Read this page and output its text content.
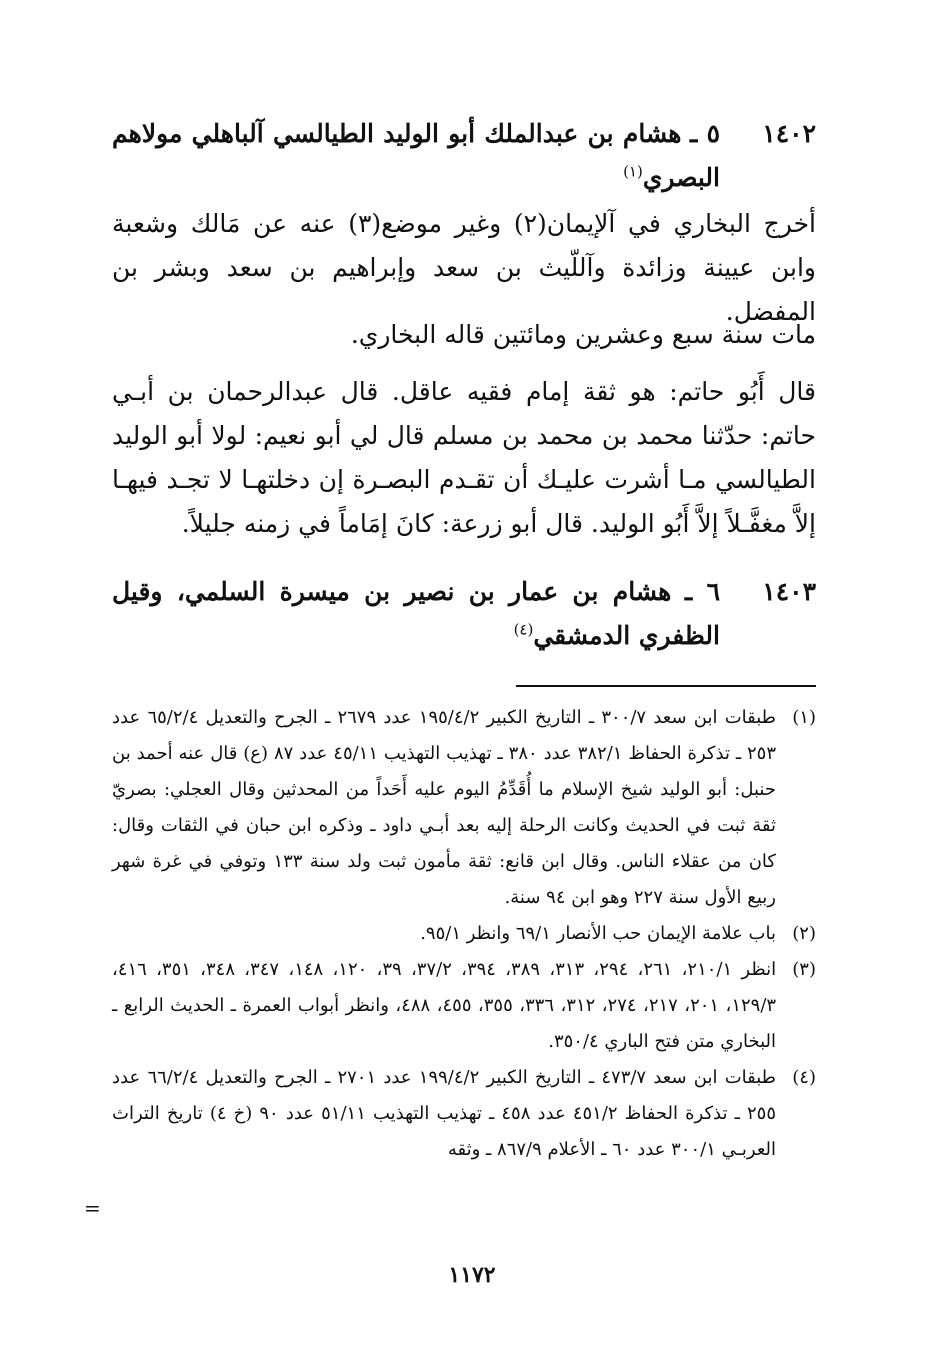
١٤٠٢
٥ ـ هشام بن عبدالملك أبو الوليد الطيالسي آلباهلي مولاهم البصري$^{(١)}$

أخرج البخاري في آلإيمان(٢) وغير موضع(٣) عنه عن مَالك وشعبة وابن عيينة وزائدة وآللّيث بن سعد وإبراهيم بن سعد وبشر بن المفضل.

مات سنة سبع وعشرين ومائتين قاله البخاري.

قال أَبُو حاتم: هو ثقة إمام فقيه عاقل. قال عبدالرحمان بن أبـي حاتم: حدّثنا محمد بن محمد بن مسلم قال لي أبو نعيم: لولا أبو الوليد الطيالسي مـا أشرت عليـك أن تقـدم البصـرة إن دخلتهـا لا تجـد فيهـا إلاَّ مغفَّـلاً إلاَّ أَبُو الوليد. قال أبو زرعة: كانَ إمَاماً في زمنه جليلاً.

١٤٠٣
٦ ـ هشام بن عمار بن نصير بن ميسرة السلمي، وقيل الظفري الدمشقي$^{(٤)}$

(١)
طبقات ابن سعد ٣٠٠/٧ ـ التاريخ الكبير ١٩٥/٤/٢ عدد ٢٦٧٩ ـ الجرح والتعديل ٦٥/٢/٤ عدد ٢٥٣ ـ تذكرة الحفاظ ٣٨٢/١ عدد ٣٨٠ ـ تهذيب التهذيب ٤٥/١١ عدد ٨٧ (ع) قال عنه أحمد بن حنبل: أبو الوليد شيخ الإسلام ما أُقَدِّمُ اليوم عليه أَحَداً من المحدثين وقال العجلي: بصريّ ثقة ثبت في الحديث وكانت الرحلة إليه بعد أبـي داود ـ وذكره ابن حبان في الثقات وقال: كان من عقلاء الناس. وقال ابن قانع: ثقة مأمون ثبت ولد سنة ١٣٣ وتوفي في غرة شهر ربيع الأول سنة ٢٢٧ وهو ابن ٩٤ سنة.

(٢)
باب علامة الإيمان حب الأنصار ٦٩/١ وانظر ٩٥/١.

(٣)
انظر ٢١٠/١، ٢٦١، ٢٩٤، ٣١٣، ٣٨٩، ٣٩٤، ٣٧/٢، ٣٩، ١٢٠، ١٤٨، ٣٤٧، ٣٤٨، ٣٥١، ٤١٦، ١٢٩/٣، ٢٠١، ٢١٧، ٢٧٤، ٣١٢، ٣٣٦، ٣٥٥، ٤٥٥، ٤٨٨، وانظر أبواب العمرة ـ الحديث الرابع ـ البخاري متن فتح الباري ٣٥٠/٤.

(٤)
طبقات ابن سعد ٤٧٣/٧ ـ التاريخ الكبير ١٩٩/٤/٢ عدد ٢٧٠١ ـ الجرح والتعديل ٦٦/٢/٤ عدد ٢٥٥ ـ تذكرة الحفاظ ٤٥١/٢ عدد ٤٥٨ ـ تهذيب التهذيب ٥١/١١ عدد ٩٠ (خ ٤) تاريخ التراث العربـي ٣٠٠/١ عدد ٦٠ ـ الأعلام ٨٦٧/٩ ـ وثقه

=
١١٧٢
